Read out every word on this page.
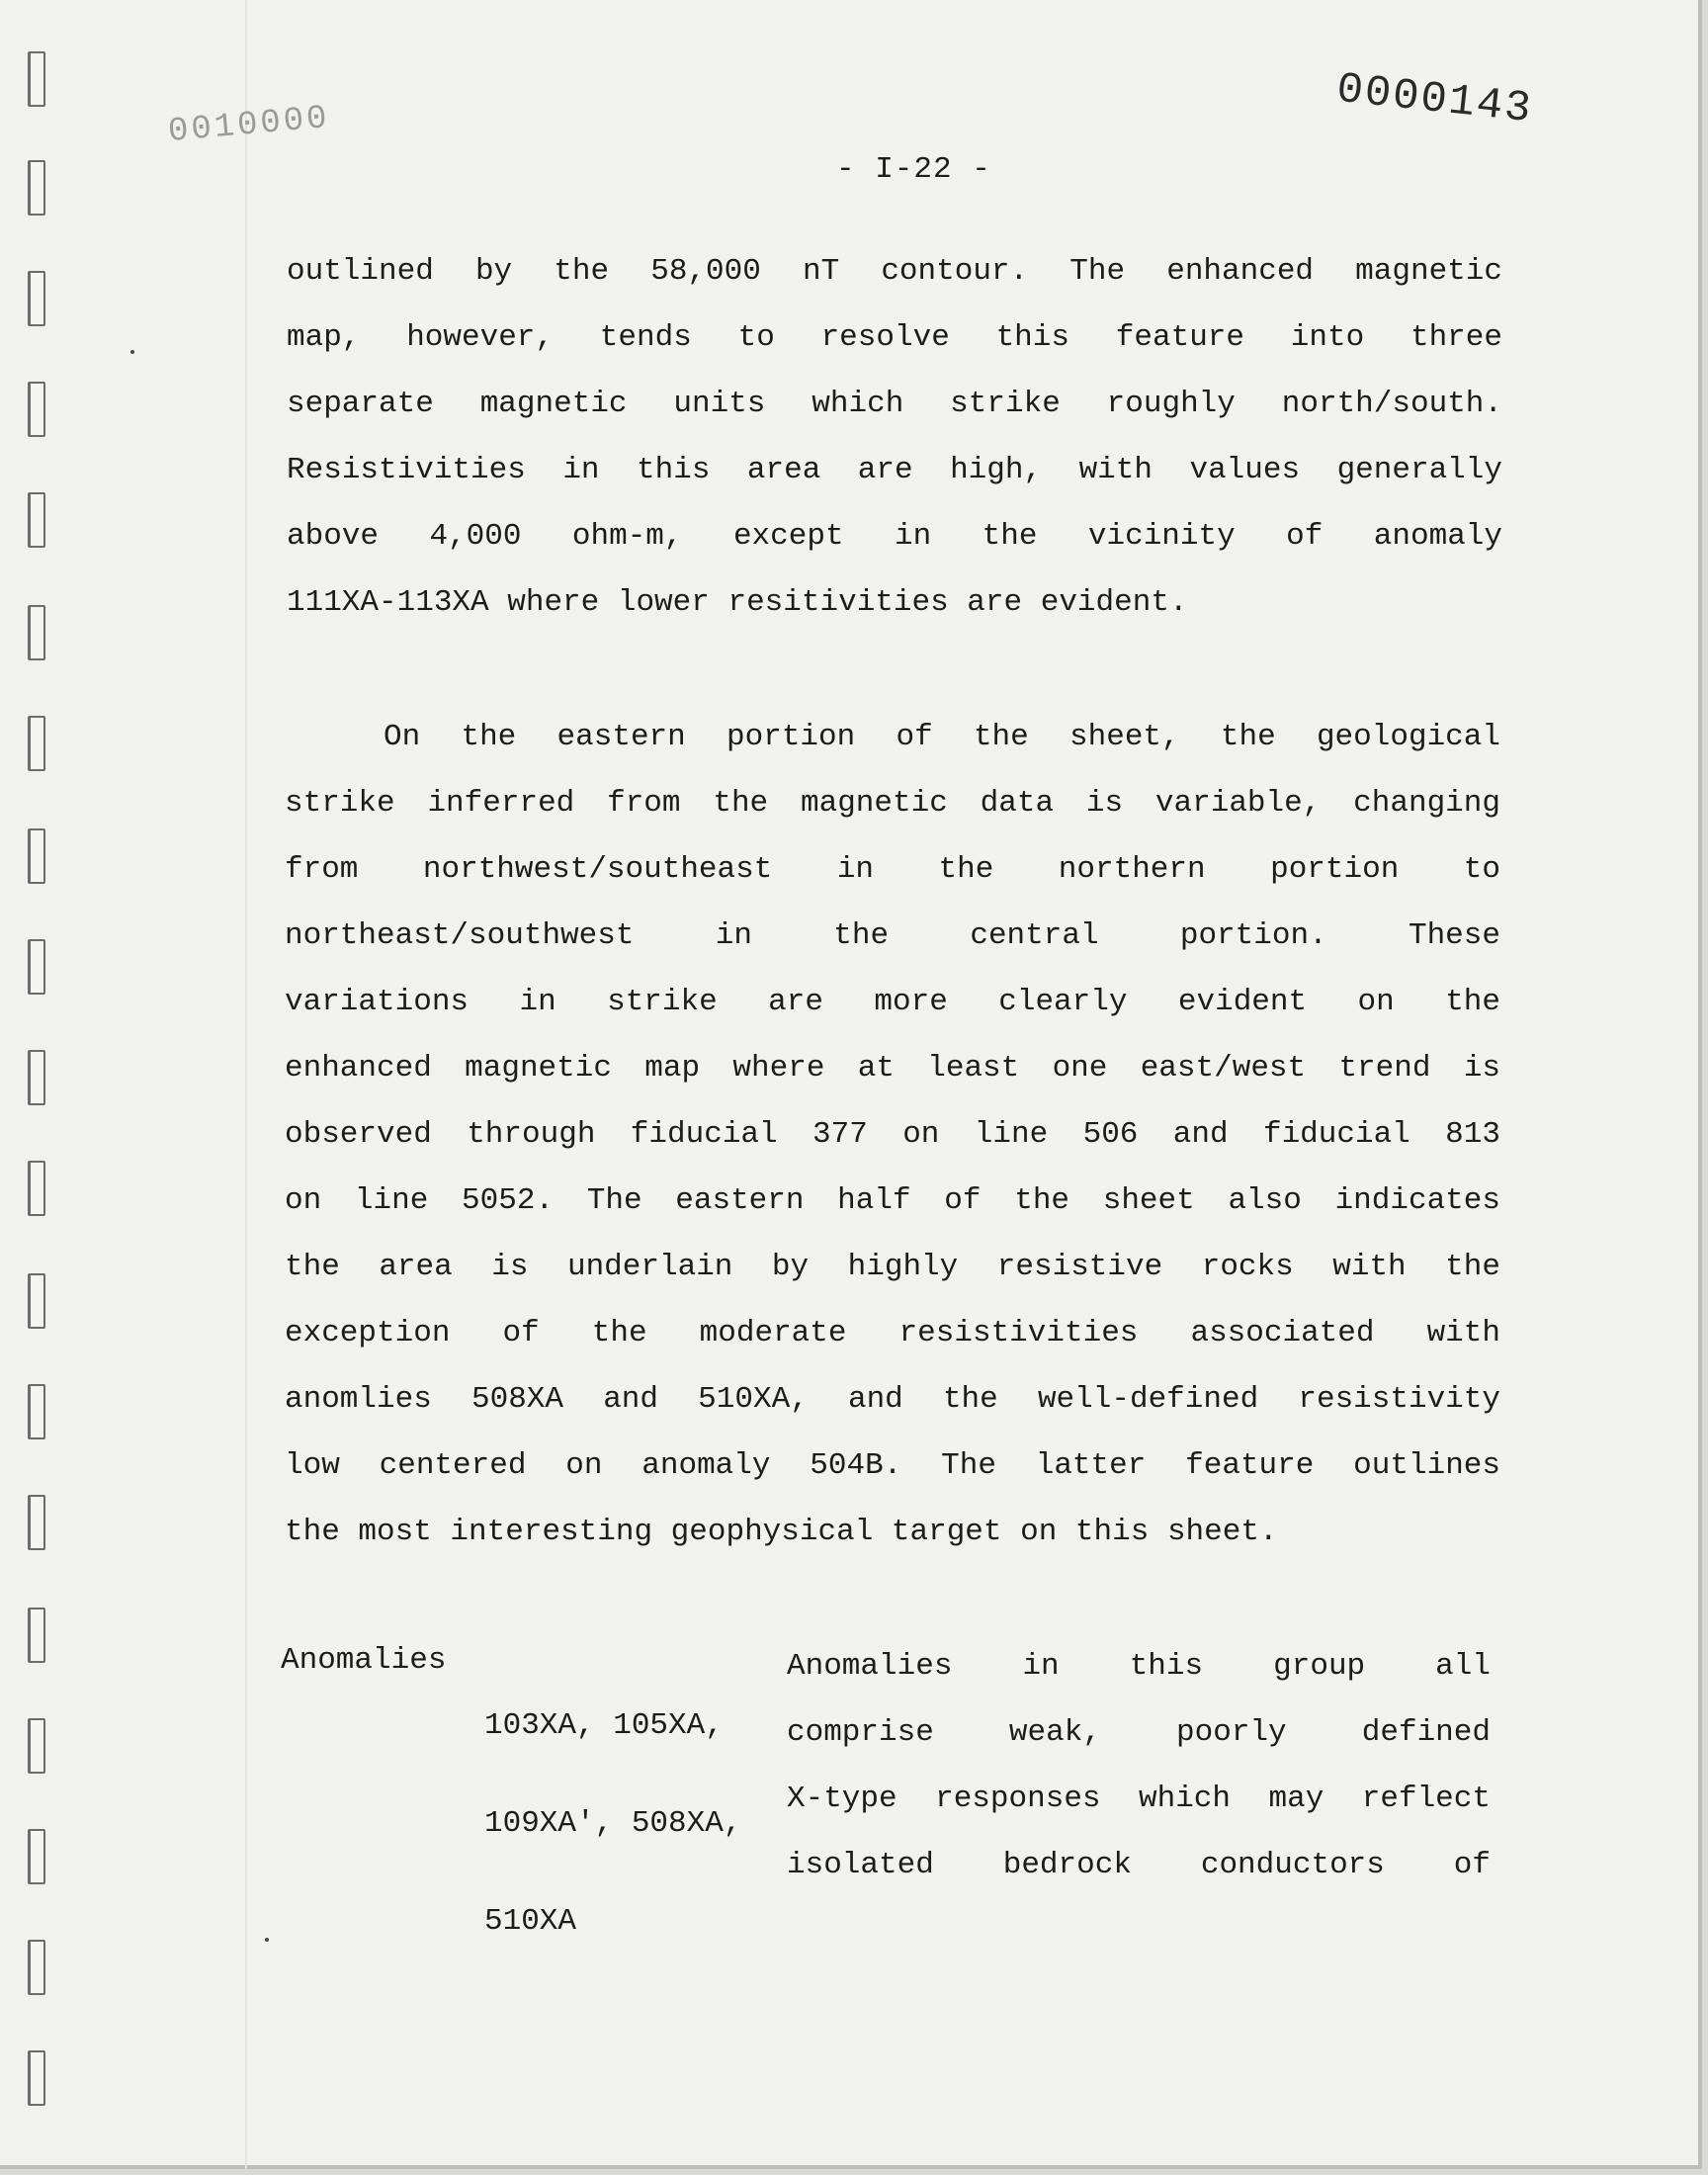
0010000	0000143
- I-22 -
outlined by the 58,000 nT contour. The enhanced magnetic
map, however, tends to resolve this feature into three
separate magnetic units which strike roughly north/south.
Resistivities in this area are high, with values generally
above 4,000 ohm-m, except in the vicinity of anomaly
111XA-113XA where lower resitivities are evident.
On the eastern portion of the sheet, the geological
strike inferred from the magnetic data is variable, changing
from northwest/southeast in the northern portion to
northeast/southwest in the central portion. These
variations in strike are more clearly evident on the
enhanced magnetic map where at least one east/west trend is
observed through fiducial 377 on line 506 and fiducial 813
on line 5052. The eastern half of the sheet also indicates
the area is underlain by highly resistive rocks with the
exception of the moderate resistivities associated with
anomlies 508XA and 510XA, and the well-defined resistivity
low centered on anomaly 504B. The latter feature outlines
the most interesting geophysical target on this sheet.
Anomalies

103XA, 105XA,

109XA', 508XA,

510XA

Anomalies in this group all
comprise weak, poorly defined
X-type responses which may reflect
isolated bedrock conductors of
